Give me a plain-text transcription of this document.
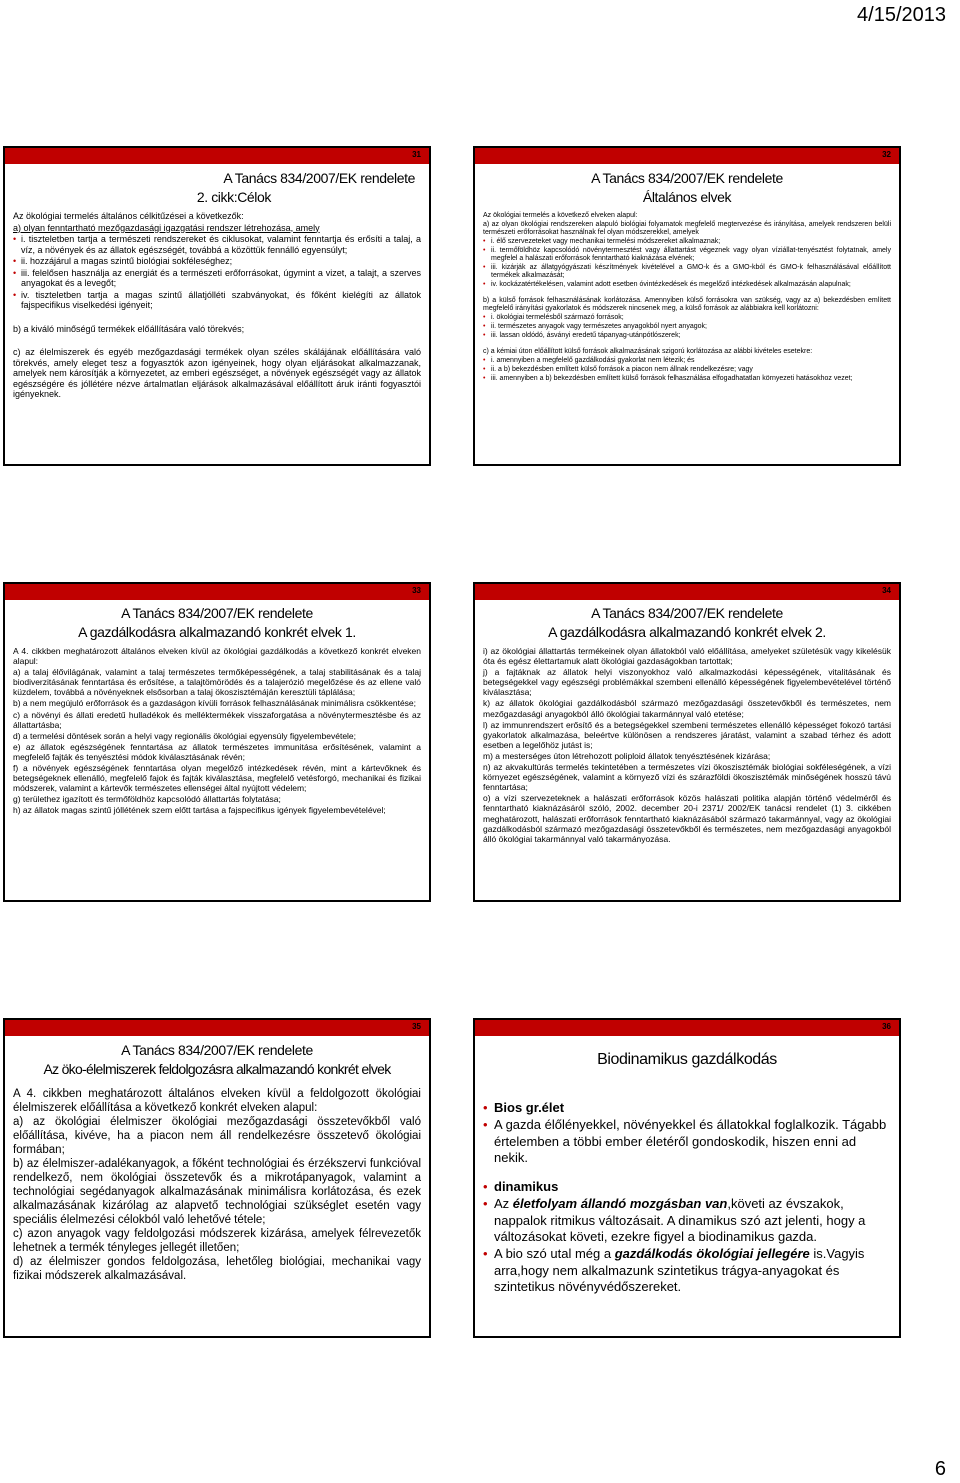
4/15/2013
31
A Tanács 834/2007/EK rendelete
2. cikk:Célok

Az ökológiai termelés általános célkitűzései a következők:

a) olyan fenntartható mezőgazdasági igazgatási rendszer létrehozása, amely

• i. tiszteletben tartja a természeti rendszereket és ciklusokat, valamint fenntartja és erősíti a talaj, a víz, a növények és az állatok egészségét, továbbá a közöttük fennálló egyensúlyt;

• ii. hozzájárul a magas szintű biológiai sokféleséghez;

• iii. felelősen használja az energiát és a természeti erőforrásokat, úgymint a vizet, a talajt, a szerves anyagokat és a levegőt;

• iv. tiszteletben tartja a magas szintű állatjólléti szabványokat, és főként kielégíti az állatok fajspecifikus viselkedési igényeit;

b) a kiváló minőségű termékek előállítására való törekvés;

c) az élelmiszerek és egyéb mezőgazdasági termékek olyan széles skálájának előállítására való törekvés, amely eleget tesz a fogyasztók azon igényeinek, hogy olyan eljárásokat alkalmazzanak, amelyek nem károsítják a környezetet, az emberi egészséget, a növények egészségét vagy az állatok egészségére és jóllétére nézve ártalmatlan eljárások alkalmazásával előállított áruk iránti fogyasztói igényeknek.

32
A Tanács 834/2007/EK rendelete
Általános elvek

Az ökológiai termelés a következő elveken alapul:

a) az olyan ökológiai rendszereken alapuló biológiai folyamatok megfelelő megtervezése és irányítása, amelyek rendszeren belüli természeti erőforrásokat használnak fel olyan módszerekkel, amelyek

• i. élő szervezeteket vagy mechanikai termelési módszereket alkalmaznak;

• ii. termőföldhöz kapcsolódó növénytermesztést vagy állattartást végeznek vagy olyan víziállat-tenyésztést folytatnak, amely megfelel a halászati erőforrások fenntartható kiaknázása elvének;

• iii. kizárják az állatgyógyászati készítmények kivételével a GMO-k és a GMO-kból és GMO-k felhasználásával előállított termékek alkalmazását;

• iv. kockázatértékelésen, valamint adott esetben óvintézkedések és megelőző intézkedések alkalmazásán alapulnak;

b) a külső források felhasználásának korlátozása. Amennyiben külső forrásokra van szükség, vagy az a) bekezdésben említett megfelelő irányítási gyakorlatok és módszerek nincsenek meg, a külső források az alábbiakra kell korlátozni:

• i. ökológiai termelésből származó források;

• ii. természetes anyagok vagy természetes anyagokból nyert anyagok;

• iii. lassan oldódó, ásványi eredetű tápanyag-utánpótlószerek;

c) a kémiai úton előállított külső források alkalmazásának szigorú korlátozása az alábbi kivételes esetekre:

• i. amennyiben a megfelelő gazdálkodási gyakorlat nem létezik; és

• ii. a b) bekezdésben említett külső források a piacon nem állnak rendelkezésre; vagy

• iii. amennyiben a b) bekezdésben említett külső források felhasználása elfogadhatatlan környezeti hatásokhoz vezet;

33
A Tanács 834/2007/EK rendelete
A gazdálkodásra alkalmazandó konkrét elvek 1.

A 4. cikkben meghatározott általános elveken kívül az ökológiai gazdálkodás a következő konkrét elveken alapul:

a) a talaj élővilágának, valamint a talaj természetes termőképességének, a talaj stabilitásának és a talaj biodiverzitásának fenntartása és erősítése, a talajtömörödés és a talajerózió megelőzése és az ellene való küzdelem, továbbá a növényeknek elsősorban a talaj ökoszisztémáján keresztüli táplálása;

b) a nem megújuló erőforrások és a gazdaságon kívüli források felhasználásának minimálisra csökkentése;

c) a növényi és állati eredetű hulladékok és melléktermékek visszaforgatása a növénytermesztésbe és az állattartásba;

d) a termelési döntések során a helyi vagy regionális ökológiai egyensúly figyelembevétele;

e) az állatok egészségének fenntartása az állatok természetes immunitása erősítésének, valamint a megfelelő fajták és tenyésztési módok kiválasztásának révén;

f) a növények egészségének fenntartása olyan megelőző intézkedések révén, mint a kártevőknek és betegségeknek ellenálló, megfelelő fajok és fajták kiválasztása, megfelelő vetésforgó, mechanikai és fizikai módszerek, valamint a kártevők természetes ellenségei által nyújtott védelem;

g) területhez igazított és termőföldhöz kapcsolódó állattartás folytatása;

h) az állatok magas szintű jóllétének szem előtt tartása a fajspecifikus igények figyelembevételével;

34
A Tanács 834/2007/EK rendelete
A gazdálkodásra alkalmazandó konkrét elvek 2.

i) az ökológiai állattartás termékeinek olyan állatokból való előállítása, amelyeket születésük vagy kikelésük óta és egész élettartamuk alatt ökológiai gazdaságokban tartottak;

j) a fajtáknak az állatok helyi viszonyokhoz való alkalmazkodási képességének, vitalitásának és betegségekkel vagy egészségi problémákkal szembeni ellenálló képességének figyelembevételével történő kiválasztása;

k) az állatok ökológiai gazdálkodásból származó mezőgazdasági összetevőkből és természetes, nem mezőgazdasági anyagokból álló ökológiai takarmánnyal való etetése;

l) az immunrendszert erősítő és a betegségekkel szembeni természetes ellenálló képességet fokozó tartási gyakorlatok alkalmazása, beleértve különösen a rendszeres járatást, valamint a szabad térhez és adott esetben a legelőhöz jutást is;

m) a mesterséges úton létrehozott poliploid állatok tenyésztésének kizárása;

n) az akvakultúrás termelés tekintetében a természetes vízi ökoszisztémák biológiai sokféleségének, a vízi környezet egészségének, valamint a környező vízi és szárazföldi ökoszisztémák minőségének hosszú távú fenntartása;

o) a vízi szervezeteknek a halászati erőforrások közös halászati politika alapján történő védelméről és fenntartható kiaknázásáról szóló, 2002. december 20-i 2371/ 2002/EK tanácsi rendelet (1) 3. cikkében meghatározott, halászati erőforrások fenntartható kiaknázásából származó takarmánnyal, vagy az ökológiai gazdálkodásból származó mezőgazdasági összetevőkből és természetes, nem mezőgazdasági anyagokból álló ökológiai takarmánnyal való takarmányozása.

35
A Tanács 834/2007/EK rendelete
Az öko-élelmiszerek feldolgozásra alkalmazandó konkrét elvek

A 4. cikkben meghatározott általános elveken kívül a feldolgozott ökológiai élelmiszerek előállítása a következő konkrét elveken alapul:

a) az ökológiai élelmiszer ökológiai mezőgazdasági összetevőkből való előállítása, kivéve, ha a piacon nem áll rendelkezésre összetevő ökológiai formában;

b) az élelmiszer-adalékanyagok, a főként technológiai és érzékszervi funkcióval rendelkező, nem ökológiai összetevők és a mikrotápanyagok, valamint a technológiai segédanyagok alkalmazásának minimálisra korlátozása, és ezek alkalmazásának kizárólag az alapvető technológiai szükséglet esetén vagy speciális élelmezési célokból való lehetővé tétele;

c) azon anyagok vagy feldolgozási módszerek kizárása, amelyek félrevezetők lehetnek a termék tényleges jellegét illetően;

d) az élelmiszer gondos feldolgozása, lehetőleg biológiai, mechanikai vagy fizikai módszerek alkalmazásával.

36
Biodinamikus gazdálkodás

• Bios gr.élet

• A gazda élőlényekkel, növényekkel és állatokkal foglalkozik. Tágabb értelemben a többi ember életéről gondoskodik, hiszen enni ad nekik.

• dinamikus

• Az életfolyam állandó mozgásban van,követi az évszakok, nappalok ritmikus változásait. A dinamikus szó azt jelenti, hogy a változásokat követi, ezekre figyel a biodinamikus gazda.

• A bio szó utal még a gazdálkodás ökológiai jellegére is.Vagyis arra,hogy nem alkalmazunk szintetikus trágya-anyagokat és szintetikus növényvédőszereket.

6
